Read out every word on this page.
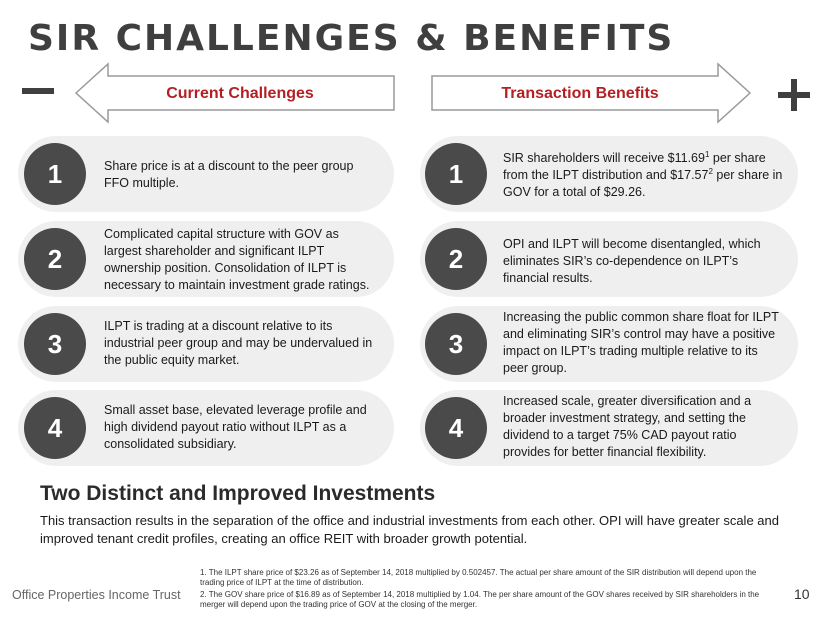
SIR CHALLENGES & BENEFITS
Current Challenges	Transaction Benefits
1	Share price is at a discount to the peer group FFO multiple.
2
Complicated capital structure with GOV as largest shareholder and significant ILPT ownership position. Consolidation of ILPT is necessary to maintain investment grade ratings.
3
ILPT is trading at a discount relative to its industrial peer group and may be undervalued in the public equity market.
4
Small asset base, elevated leverage profile and high dividend payout ratio without ILPT as a consolidated subsidiary.
1
SIR shareholders will receive $11.69$^1$ per share from the ILPT distribution and $17.57$^2$ per share in GOV for a total of $29.26.
2	OPI and ILPT will become disentangled, which eliminates SIR’s co-dependence on ILPT’s financial results.
3
Increasing the public common share float for ILPT and eliminating SIR’s control may have a positive impact on ILPT’s trading multiple relative to its peer group.
4
Increased scale, greater diversification and a broader investment strategy, and setting the dividend to a target 75% CAD payout ratio provides for better financial flexibility.
Two Distinct and Improved Investments
This transaction results in the separation of the office and industrial investments from each other. OPI will have greater scale and improved tenant credit profiles, creating an office REIT with broader growth potential.
Office Properties Income Trust
1. The ILPT share price of $23.26 as of September 14, 2018 multiplied by 0.502457. The actual per share amount of the SIR distribution will depend upon the trading price of ILPT at the time of distribution.
2. The GOV share price of $16.89 as of September 14, 2018 multiplied by 1.04. The per share amount of the GOV shares received by SIR shareholders in the merger will depend upon the trading price of GOV at the closing of the merger.
10
